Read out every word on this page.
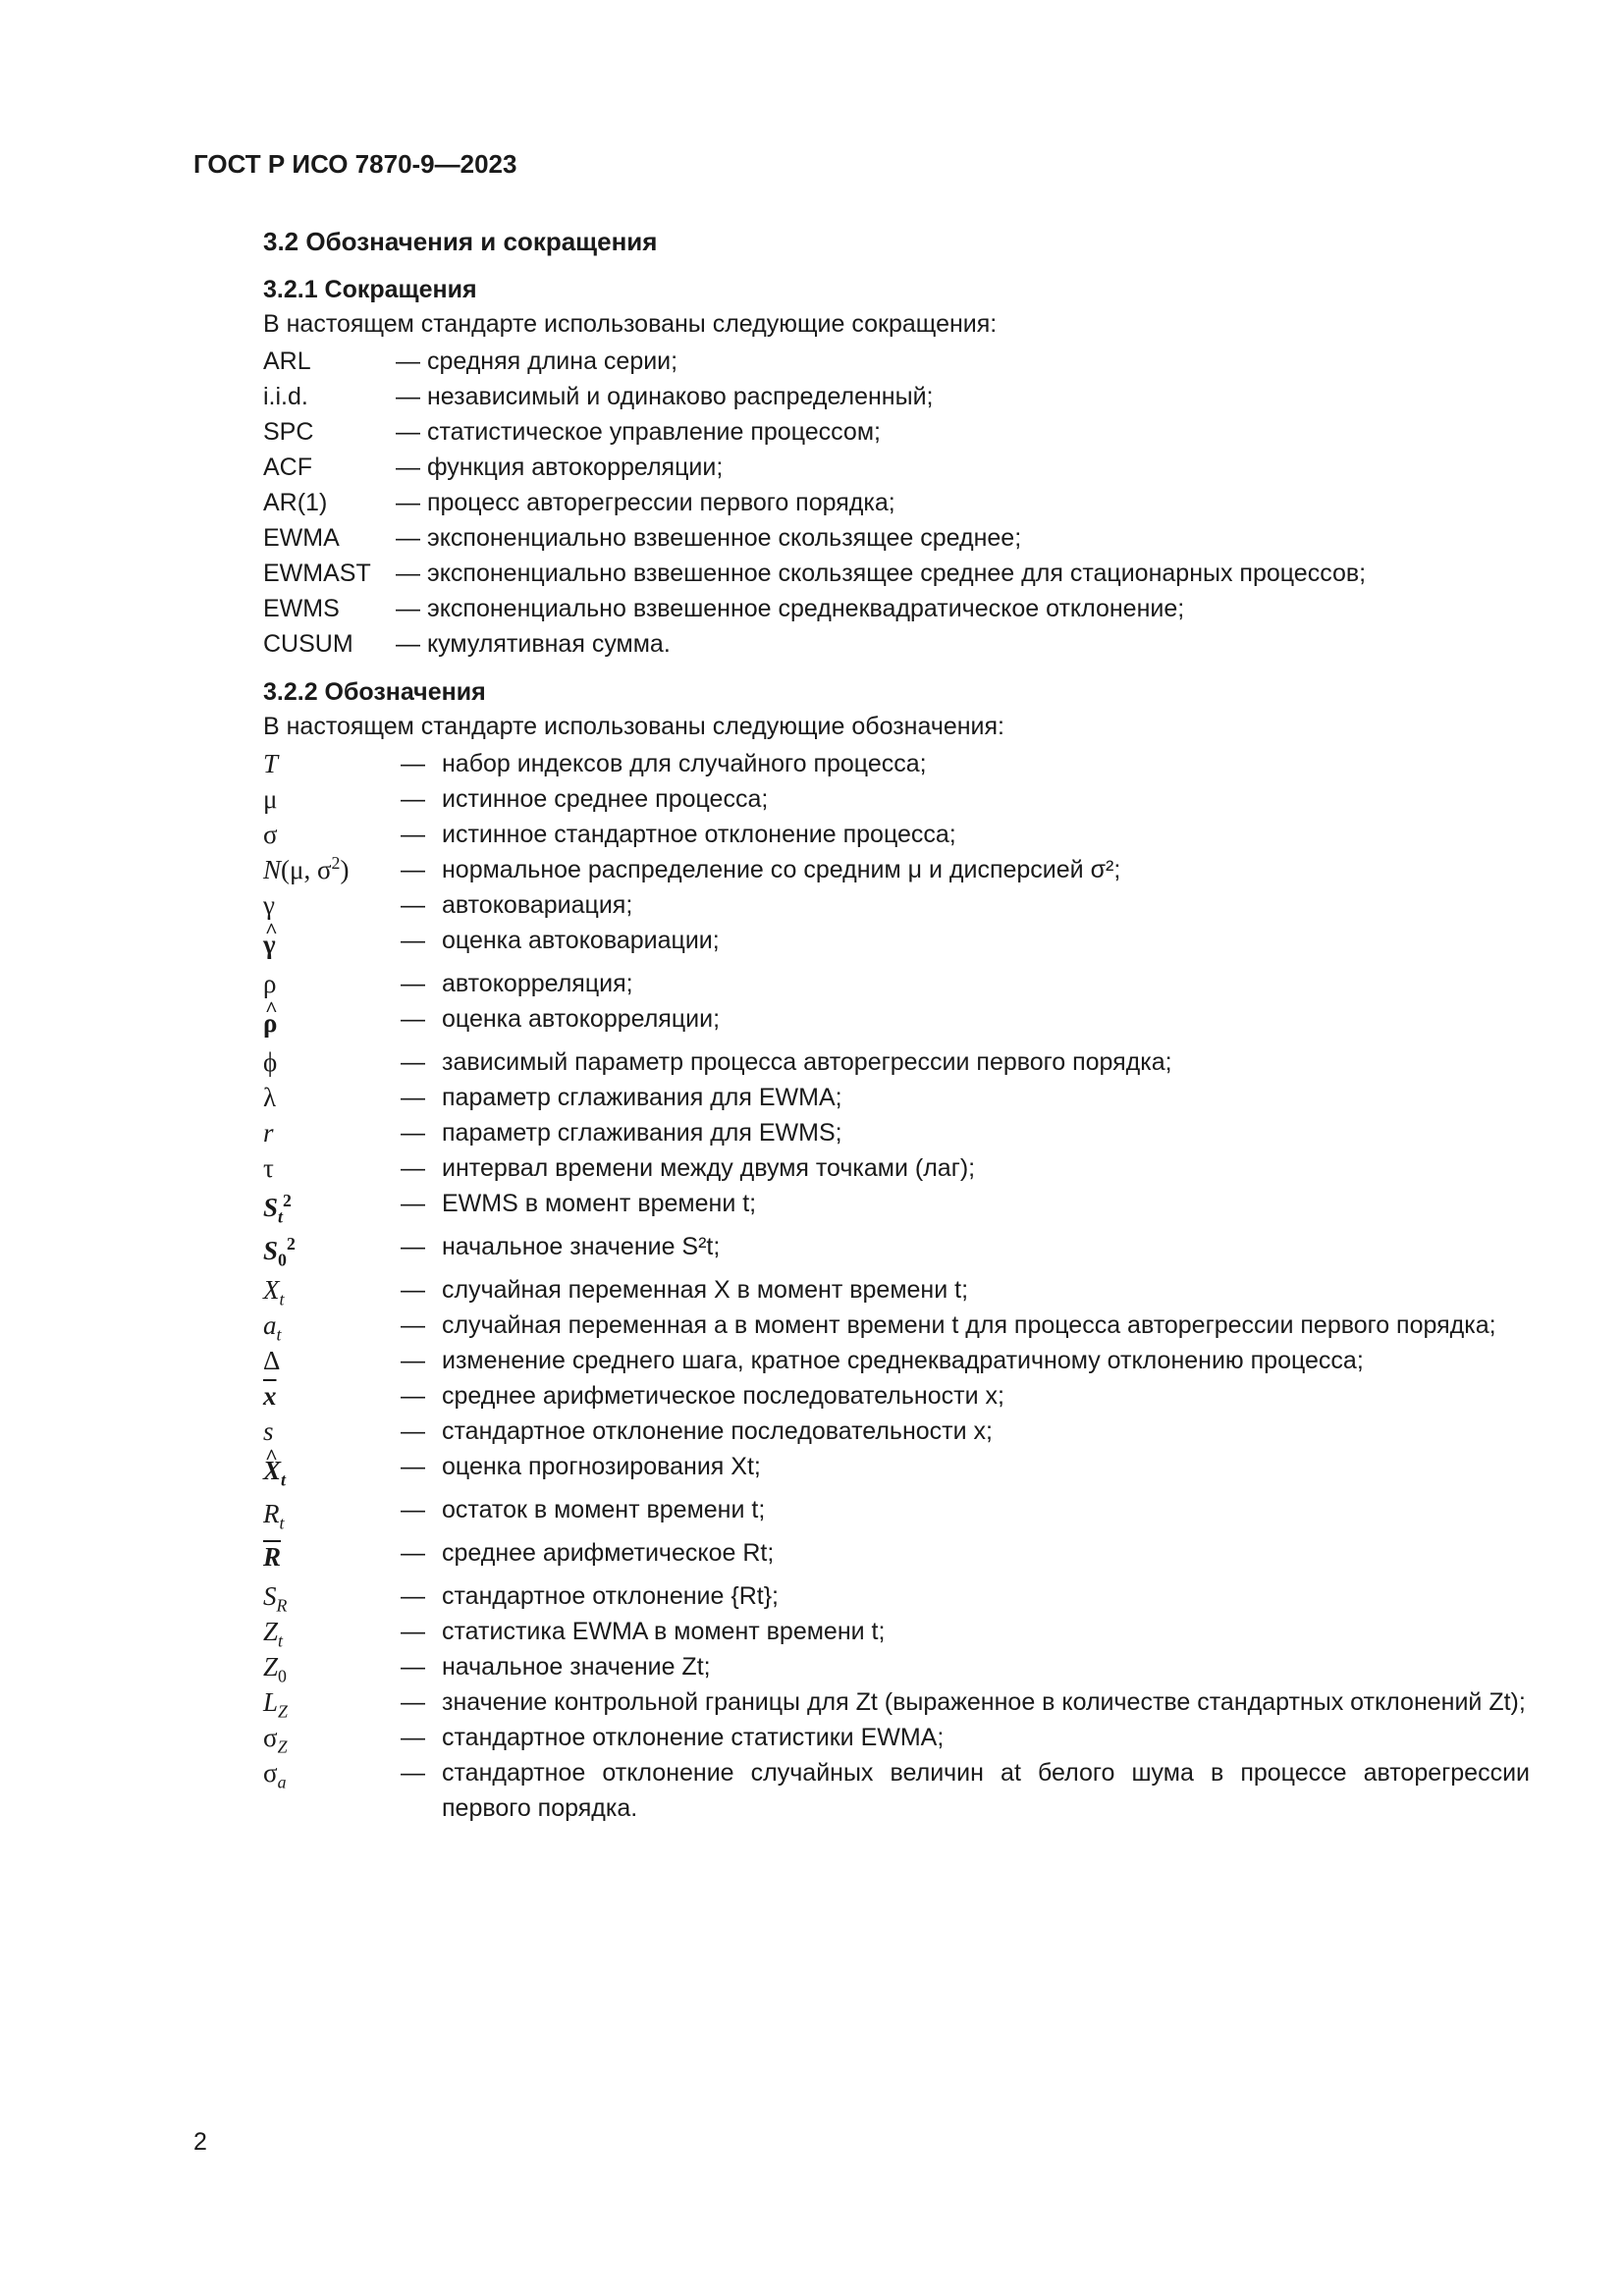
ГОСТ Р ИСО 7870-9—2023
3.2 Обозначения и сокращения
3.2.1 Сокращения

В настоящем стандарте использованы следующие сокращения:

ARL	— средняя длина серии;
i.i.d.	— независимый и одинаково распределенный;
SPC	— статистическое управление процессом;
ACF	— функция автокорреляции;
AR(1)	— процесс авторегрессии первого порядка;
EWMA	— экспоненциально взвешенное скользящее среднее;
EWMAST	— экспоненциально взвешенное скользящее среднее для стационарных процессов;
EWMS	— экспоненциально взвешенное среднеквадратическое отклонение;
CUSUM	— кумулятивная сумма.
3.2.2 Обозначения

В настоящем стандарте использованы следующие обозначения:

T	— набор индексов для случайного процесса;
μ	— истинное среднее процесса;
σ	— истинное стандартное отклонение процесса;
N(μ, $\sigma^2$)	— нормальное распределение со средним μ и дисперсией σ²;
γ	— автоковариация;
^ γ	— оценка автоковариации;
ρ	— автокорреляция;
^ ρ	— оценка автокорреляции;
ϕ	— зависимый параметр процесса авторегрессии первого порядка;
λ	— параметр сглаживания для EWMA;
r	— параметр сглаживания для EWMS;
τ	— интервал времени между двумя точками (лаг);
$S_t^2$	— EWMS в момент времени t;
$S_0^2$	— начальное значение S²t;
$X_t$	— случайная переменная X в момент времени t;
$a_t$	— случайная переменная a в момент времени t для процесса авторегрессии первого порядка;
Δ	— изменение среднего шага, кратное среднеквадратичному отклонению процесса;
$\overline{x}$	— среднее арифметическое последовательности x;
s	— стандартное отклонение последовательности x;
^ $X_t$	— оценка прогнозирования Xt;
$R_t$	— остаток в момент времени t;
$\overline{R}$	— среднее арифметическое Rt;
$S_R$	— стандартное отклонение {Rt};
$Z_t$	— статистика EWMA в момент времени t;
$Z_0$	— начальное значение Zt;
$L_Z$	— значение контрольной границы для Zt (выраженное в количестве стандартных отклонений Zt);
$\sigma_Z$	— стандартное отклонение статистики EWMA;
$\sigma_a$	— стандартное отклонение случайных величин at белого шума в процессе авторегрессии первого порядка.
2
